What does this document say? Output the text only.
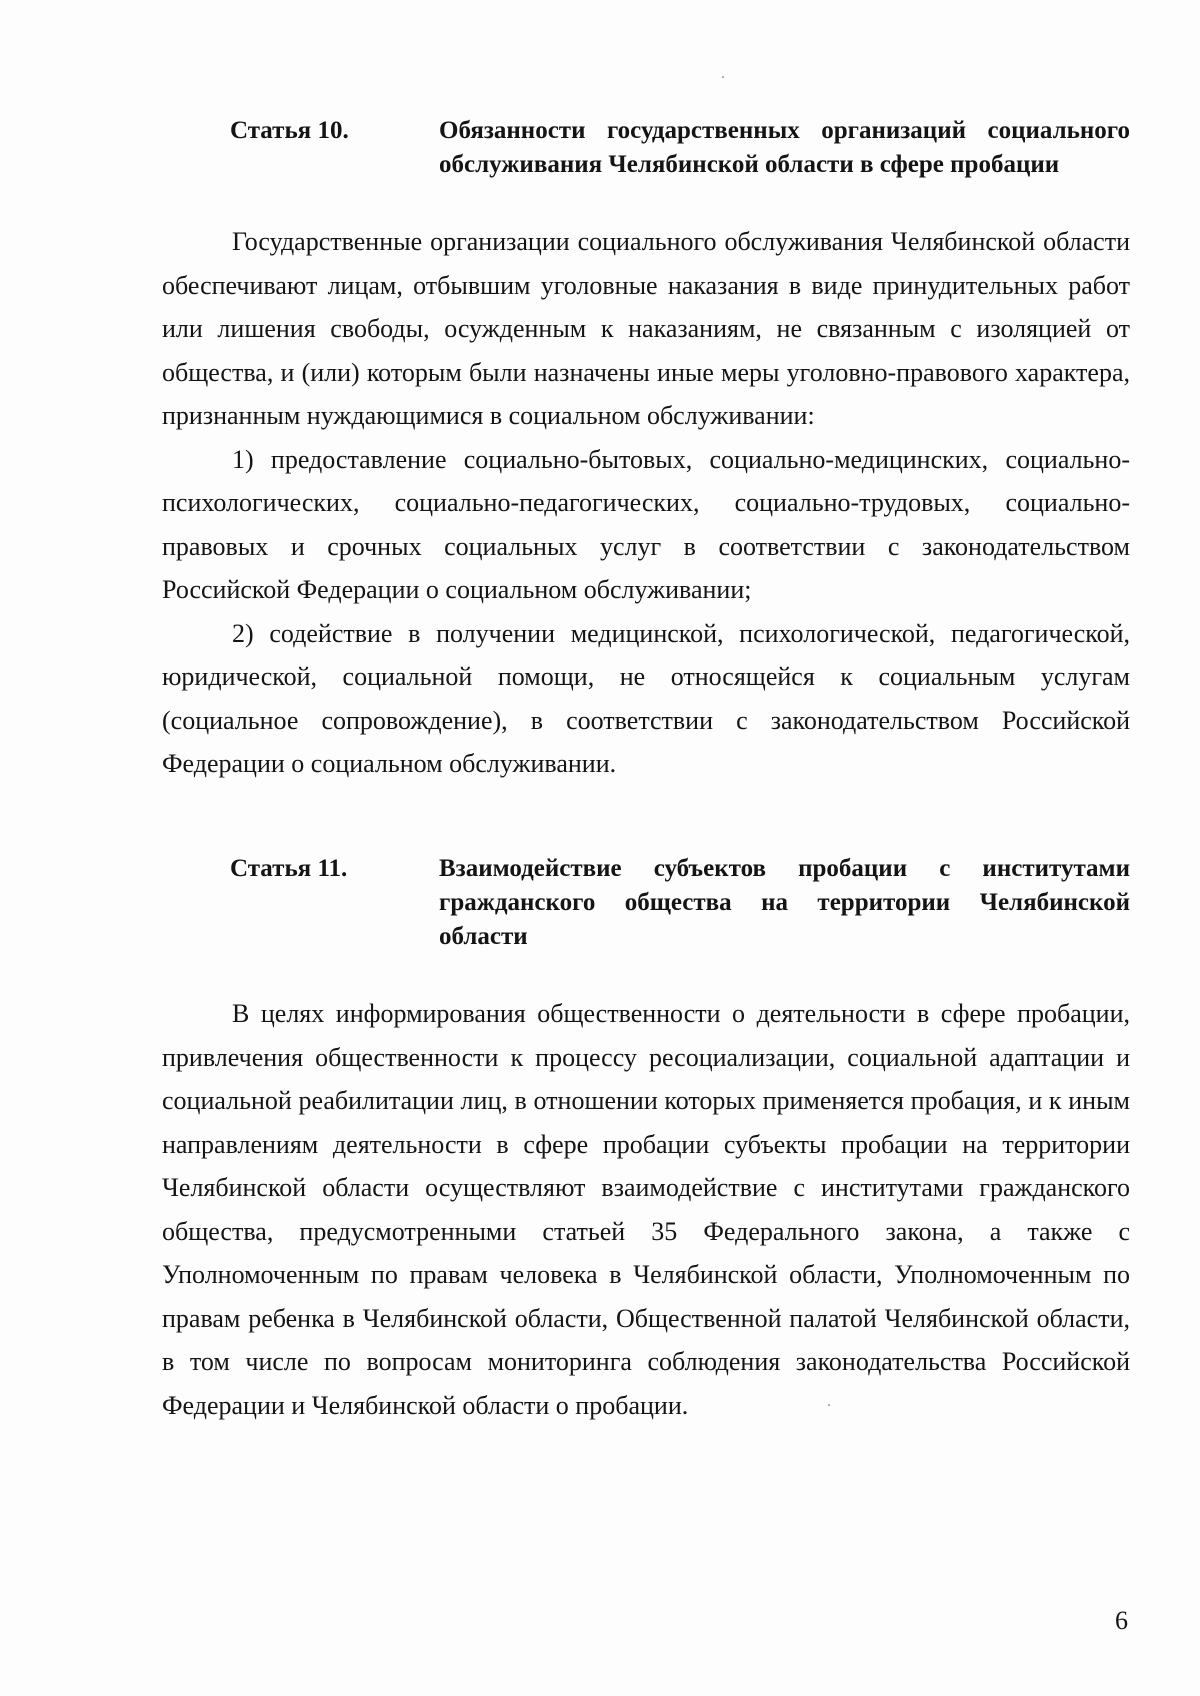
Статья 10.	Обязанности государственных организаций социального обслуживания Челябинской области в сфере пробации

Государственные организации социального обслуживания Челябинской области обеспечивают лицам, отбывшим уголовные наказания в виде принудительных работ или лишения свободы, осужденным к наказаниям, не связанным с изоляцией от общества, и (или) которым были назначены иные меры уголовно-правового характера, признанным нуждающимися в социальном обслуживании:

1) предоставление социально-бытовых, социально-медицинских, социально-психологических, социально-педагогических, социально-трудовых, социально-правовых и срочных социальных услуг в соответствии с законодательством Российской Федерации о социальном обслуживании;

2) содействие в получении медицинской, психологической, педагогической, юридической, социальной помощи, не относящейся к социальным услугам (социальное сопровождение), в соответствии с законодательством Российской Федерации о социальном обслуживании.

Статья 11.	Взаимодействие субъектов пробации с институтами гражданского общества на территории Челябинской области

В целях информирования общественности о деятельности в сфере пробации, привлечения общественности к процессу ресоциализации, социальной адаптации и социальной реабилитации лиц, в отношении которых применяется пробация, и к иным направлениям деятельности в сфере пробации субъекты пробации на территории Челябинской области осуществляют взаимодействие с институтами гражданского общества, предусмотренными статьей 35 Федерального закона, а также с Уполномоченным по правам человека в Челябинской области, Уполномоченным по правам ребенка в Челябинской области, Общественной палатой Челябинской области, в том числе по вопросам мониторинга соблюдения законодательства Российской Федерации и Челябинской области о пробации.

6
